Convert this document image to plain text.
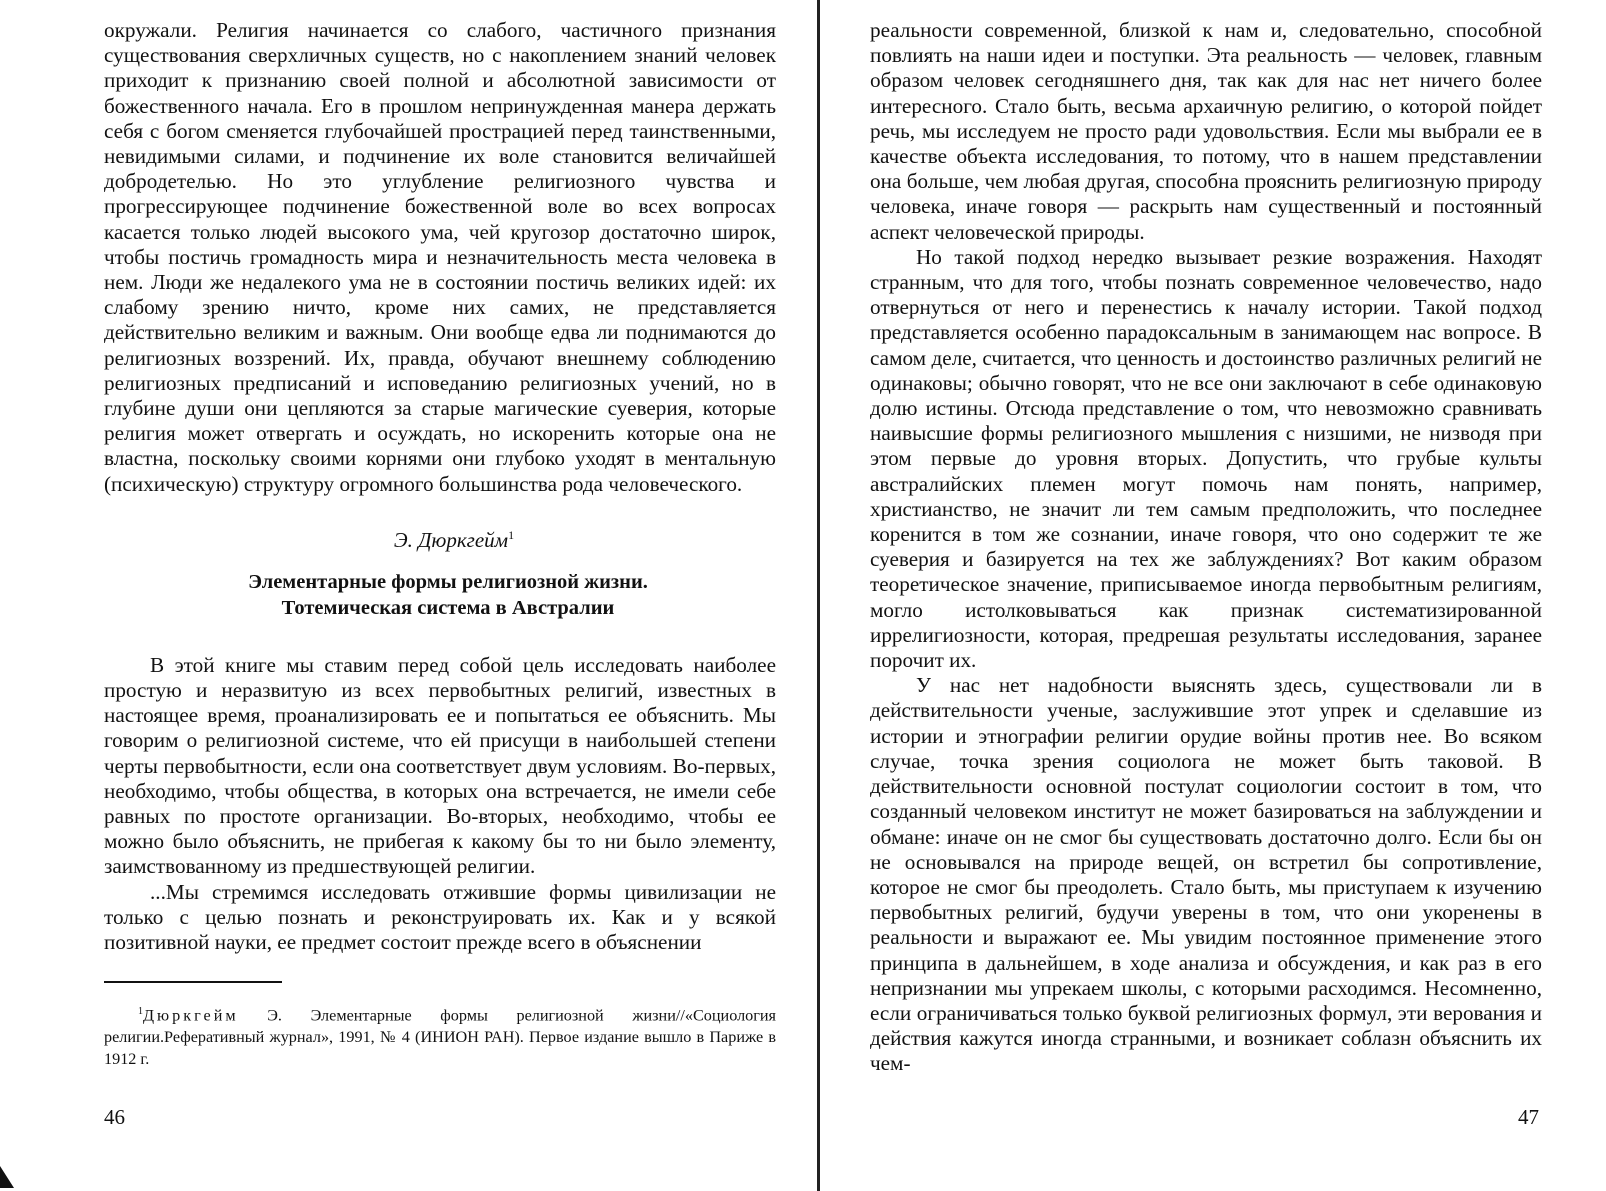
окружали. Религия начинается со слабого, частичного признания существования сверхличных существ, но с накоплением знаний человек приходит к признанию своей полной и абсолютной зависимости от божественного начала. Его в прошлом непринужденная манера держать себя с богом сменяется глубочайшей прострацией перед таинственными, невидимыми силами, и подчинение их воле становится величайшей добродетелью. Но это углубление религиозного чувства и прогрессирующее подчинение божественной воле во всех вопросах касается только людей высокого ума, чей кругозор достаточно широк, чтобы постичь громадность мира и незначительность места человека в нем. Люди же недалекого ума не в состоянии постичь великих идей: их слабому зрению ничто, кроме них самих, не представляется действительно великим и важным. Они вообще едва ли поднимаются до религиозных воззрений. Их, правда, обучают внешнему соблюдению религиозных предписаний и исповеданию религиозных учений, но в глубине души они цепляются за старые магические суеверия, которые религия может отвергать и осуждать, но искоренить которые она не властна, поскольку своими корнями они глубоко уходят в ментальную (психическую) структуру огромного большинства рода человеческого.

Э. Дюркгейм$^1$
Элементарные формы религиозной жизни.
Тотемическая система в Австралии

В этой книге мы ставим перед собой цель исследовать наиболее простую и неразвитую из всех первобытных религий, известных в настоящее время, проанализировать ее и попытаться ее объяснить. Мы говорим о религиозной системе, что ей присущи в наибольшей степени черты первобытности, если она соответствует двум условиям. Во-первых, необходимо, чтобы общества, в которых она встречается, не имели себе равных по простоте организации. Во-вторых, необходимо, чтобы ее можно было объяснить, не прибегая к какому бы то ни было элементу, заимствованному из предшествующей религии.

...Мы стремимся исследовать отжившие формы цивилизации не только с целью познать и реконструировать их. Как и у всякой позитивной науки, ее предмет состоит прежде всего в объяснении

$^1$Дюркгейм Э. Элементарные формы религиозной жизни//«Социология религии.Реферативный журнал», 1991, № 4 (ИНИОН РАН). Первое издание вышло в Париже в 1912 г.

реальности современной, близкой к нам и, следовательно, способной повлиять на наши идеи и поступки. Эта реальность — человек, главным образом человек сегодняшнего дня, так как для нас нет ничего более интересного. Стало быть, весьма архаичную религию, о которой пойдет речь, мы исследуем не просто ради удовольствия. Если мы выбрали ее в качестве объекта исследования, то потому, что в нашем представлении она больше, чем любая другая, способна прояснить религиозную природу человека, иначе говоря — раскрыть нам существенный и постоянный аспект человеческой природы.

Но такой подход нередко вызывает резкие возражения. Находят странным, что для того, чтобы познать современное человечество, надо отвернуться от него и перенестись к началу истории. Такой подход представляется особенно парадоксальным в занимающем нас вопросе. В самом деле, считается, что ценность и достоинство различных религий не одинаковы; обычно говорят, что не все они заключают в себе одинаковую долю истины. Отсюда представление о том, что невозможно сравнивать наивысшие формы религиозного мышления с низшими, не низводя при этом первые до уровня вторых. Допустить, что грубые культы австралийских племен могут помочь нам понять, например, христианство, не значит ли тем самым предположить, что последнее коренится в том же сознании, иначе говоря, что оно содержит те же суеверия и базируется на тех же заблуждениях? Вот каким образом теоретическое значение, приписываемое иногда первобытным религиям, могло истолковываться как признак систематизированной иррелигиозности, которая, предрешая результаты исследования, заранее порочит их.

У нас нет надобности выяснять здесь, существовали ли в действительности ученые, заслужившие этот упрек и сделавшие из истории и этнографии религии орудие войны против нее. Во всяком случае, точка зрения социолога не может быть таковой. В действительности основной постулат социологии состоит в том, что созданный человеком институт не может базироваться на заблуждении и обмане: иначе он не смог бы существовать достаточно долго. Если бы он не основывался на природе вещей, он встретил бы сопротивление, которое не смог бы преодолеть. Стало быть, мы приступаем к изучению первобытных религий, будучи уверены в том, что они укоренены в реальности и выражают ее. Мы увидим постоянное применение этого принципа в дальнейшем, в ходе анализа и обсуждения, и как раз в его непризнании мы упрекаем школы, с которыми расходимся. Несомненно, если ограничиваться только буквой религиозных формул, эти верования и действия кажутся иногда странными, и возникает соблазн объяснить их чем-

46	47
